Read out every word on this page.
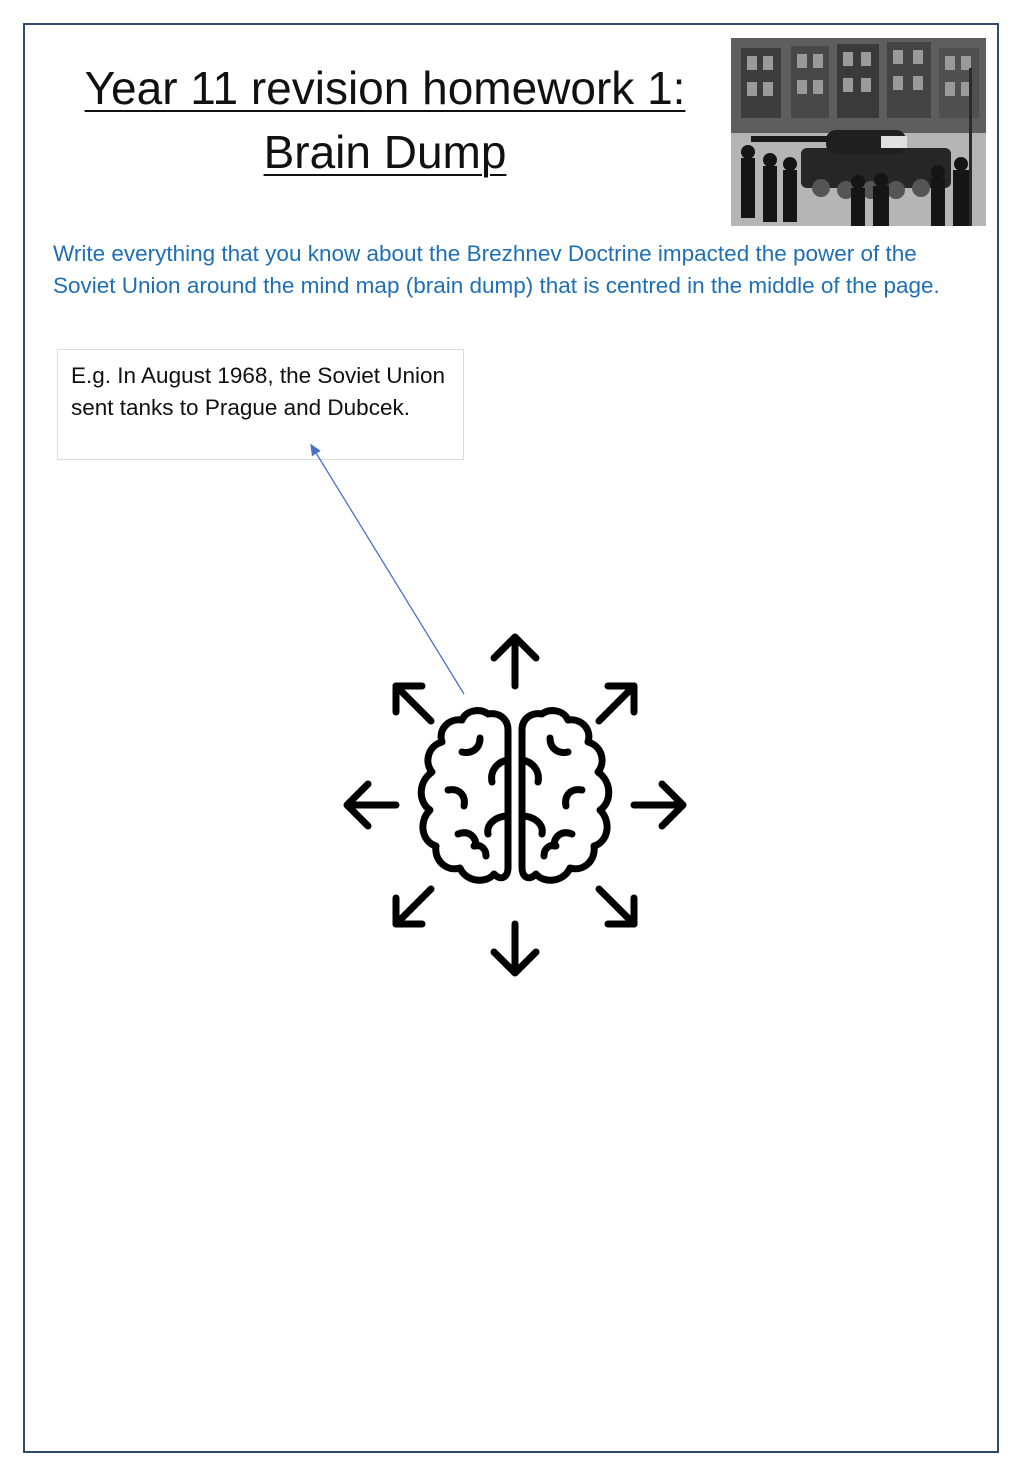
Year 11 revision homework 1:
Brain Dump

Write everything that you know about the Brezhnev Doctrine impacted the power of the Soviet Union around the mind map (brain dump) that is centred in the middle of the page.

E.g. In August 1968, the Soviet Union sent tanks to Prague and Dubcek.
